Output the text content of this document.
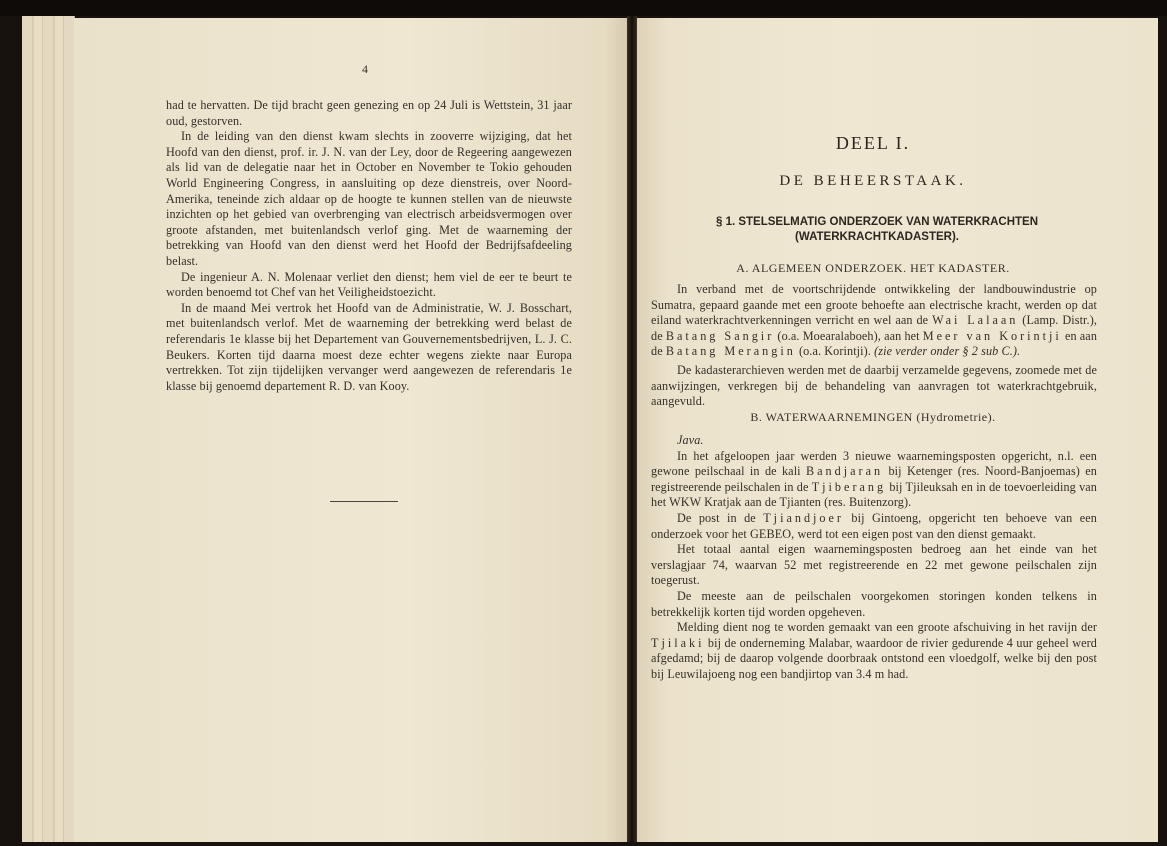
4

had te hervatten. De tijd bracht geen genezing en op 24 Juli is Wettstein, 31 jaar oud, gestorven.

In de leiding van den dienst kwam slechts in zooverre wijziging, dat het Hoofd van den dienst, prof. ir. J. N. van der Ley, door de Regeering aangewezen als lid van de delegatie naar het in October en November te Tokio gehouden World Engineering Congress, in aansluiting op deze dienstreis, over Noord-Amerika, teneinde zich aldaar op de hoogte te kunnen stellen van de nieuwste inzichten op het gebied van overbrenging van electrisch arbeidsvermogen over groote afstanden, met buitenlandsch verlof ging. Met de waarneming der betrekking van Hoofd van den dienst werd het Hoofd der Bedrijfsafdeeling belast.

De ingenieur A. N. Molenaar verliet den dienst; hem viel de eer te beurt te worden benoemd tot Chef van het Veiligheidstoezicht.

In de maand Mei vertrok het Hoofd van de Administratie, W. J. Bosschart, met buitenlandsch verlof. Met de waarneming der betrekking werd belast de referendaris 1e klasse bij het Departement van Gouvernementsbedrijven, L. J. C. Beukers. Korten tijd daarna moest deze echter wegens ziekte naar Europa vertrekken. Tot zijn tijdelijken vervanger werd aangewezen de referendaris 1e klasse bij genoemd departement R. D. van Kooy.

DEEL I.
DE BEHEERSTAAK.
§ 1. STELSELMATIG ONDERZOEK VAN WATERKRACHTEN
(WATERKRACHTKADASTER).
A. ALGEMEEN ONDERZOEK. HET KADASTER.

In verband met de voortschrijdende ontwikkeling der landbouwindustrie op Sumatra, gepaard gaande met een groote behoefte aan electrische kracht, werden op dat eiland waterkrachtverkenningen verricht en wel aan de Wai Lalaan (Lamp. Distr.), de Batang Sangir (o.a. Moearalaboeh), aan het Meer van Korintji en aan de Batang Merangin (o.a. Korintji). (zie verder onder § 2 sub C.).

De kadasterarchieven werden met de daarbij verzamelde gegevens, zoomede met de aanwijzingen, verkregen bij de behandeling van aanvragen tot waterkrachtgebruik, aangevuld.

B. WATERWAARNEMINGEN (Hydrometrie).

Java.

In het afgeloopen jaar werden 3 nieuwe waarnemingsposten opgericht, n.l. een gewone peilschaal in de kali Bandjaran bij Ketenger (res. Noord-Banjoemas) en registreerende peilschalen in de Tjiberang bij Tjileuksah en in de toevoerleiding van het WKW Kratjak aan de Tjianten (res. Buitenzorg).

De post in de Tjiandjoer bij Gintoeng, opgericht ten behoeve van een onderzoek voor het GEBEO, werd tot een eigen post van den dienst gemaakt.

Het totaal aantal eigen waarnemingsposten bedroeg aan het einde van het verslagjaar 74, waarvan 52 met registreerende en 22 met gewone peilschalen zijn toegerust.

De meeste aan de peilschalen voorgekomen storingen konden telkens in betrekkelijk korten tijd worden opgeheven.

Melding dient nog te worden gemaakt van een groote afschuiving in het ravijn der Tjilaki bij de onderneming Malabar, waardoor de rivier gedurende 4 uur geheel werd afgedamd; bij de daarop volgende doorbraak ontstond een vloedgolf, welke bij den post bij Leuwilajoeng nog een bandjirtop van 3.4 m had.
